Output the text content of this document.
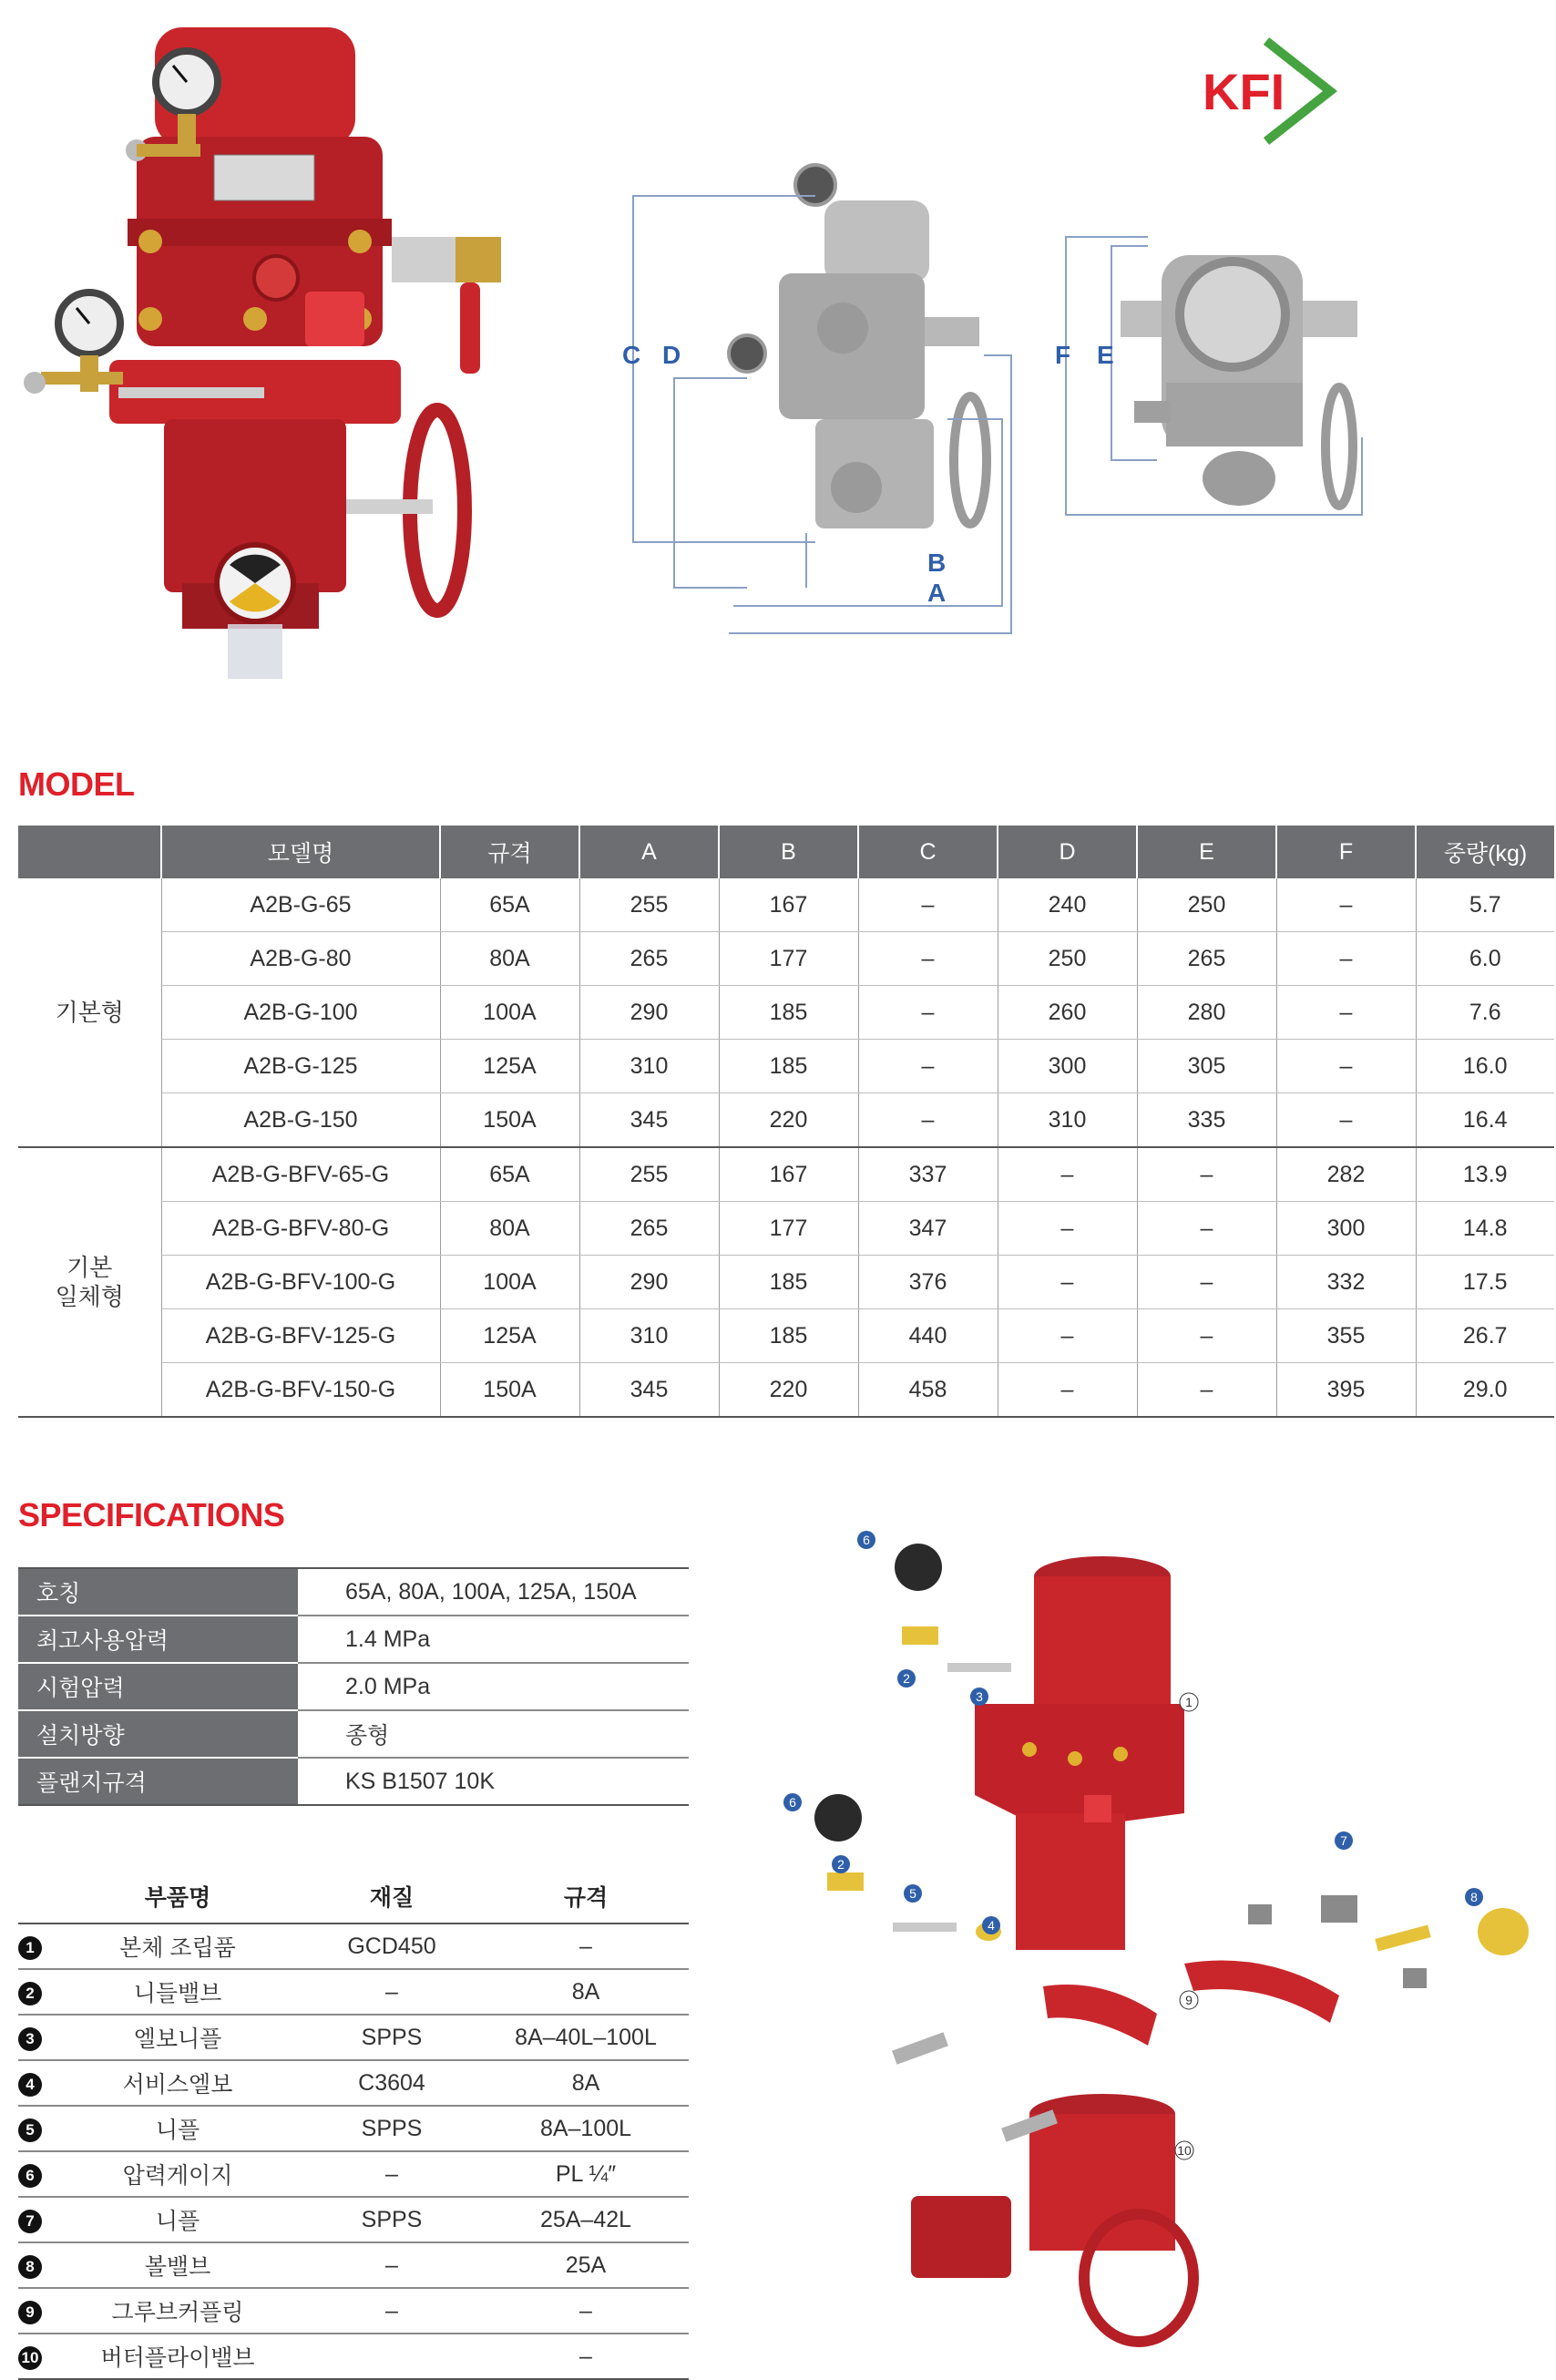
C D
B
A
F E
KFI
MODEL
	모델명	규격	A	B	C	D	E	F	중량(kg)
기본형	A2B-G-65	65A	255	167	–	240	250	–	5.7
	A2B-G-80	80A	265	177	–	250	265	–	6.0
	A2B-G-100	100A	290	185	–	260	280	–	7.6
	A2B-G-125	125A	310	185	–	300	305	–	16.0
	A2B-G-150	150A	345	220	–	310	335	–	16.4
기본
일체형	A2B-G-BFV-65-G	65A	255	167	337	–	–	282	13.9
	A2B-G-BFV-80-G	80A	265	177	347	–	–	300	14.8
	A2B-G-BFV-100-G	100A	290	185	376	–	–	332	17.5
	A2B-G-BFV-125-G	125A	310	185	440	–	–	355	26.7
	A2B-G-BFV-150-G	150A	345	220	458	–	–	395	29.0
SPECIFICATIONS
호칭	65A, 80A, 100A, 125A, 150A
최고사용압력	1.4 MPa
시험압력	2.0 MPa
설치방향	종형
플랜지규격	KS B1507 10K
	부품명	재질	규격
1	본체 조립품	GCD450	–
2	니들밸브	–	8A
3	엘보니플	SPPS	8A–40L–100L
4	서비스엘보	C3604	8A
5	니플	SPPS	8A–100L
6	압력게이지	–	PL ¼″
7	니플	SPPS	25A–42L
8	볼밸브	–	25A
9	그루브커플링	–	–
10	버터플라이밸브		–
6
2
3	1
6
2
5
4
7
8
9
10
